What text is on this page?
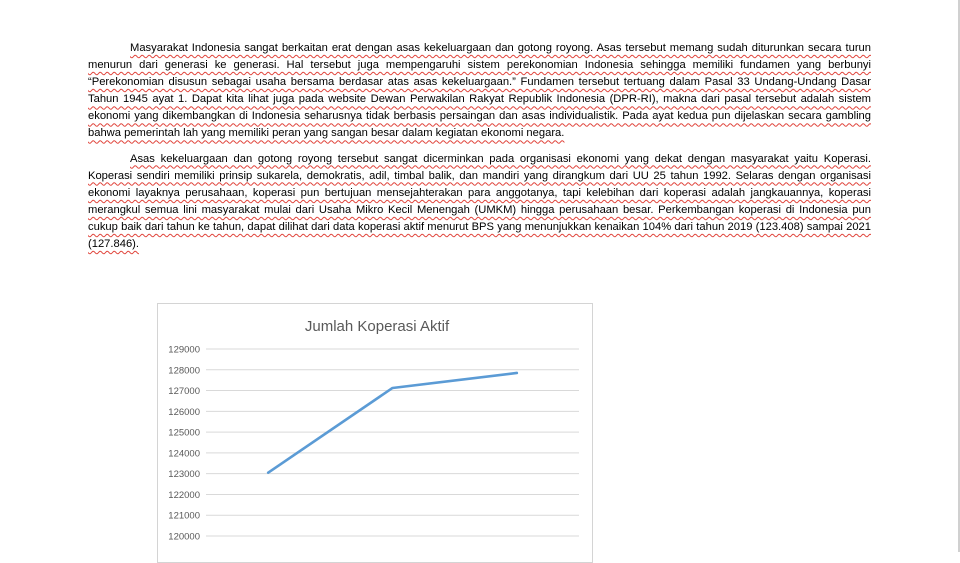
Masyarakat Indonesia sangat berkaitan erat dengan asas kekeluargaan dan gotong royong. Asas tersebut memang sudah diturunkan secara turun menurun dari generasi ke generasi. Hal tersebut juga mempengaruhi sistem perekonomian Indonesia sehingga memiliki fundamen yang berbunyi “Perekonomian disusun sebagai usaha bersama berdasar atas asas kekeluargaan.” Fundamen tersebut tertuang dalam Pasal 33 Undang-Undang Dasar Tahun 1945 ayat 1. Dapat kita lihat juga pada website Dewan Perwakilan Rakyat Republik Indonesia (DPR-RI), makna dari pasal tersebut adalah sistem ekonomi yang dikembangkan di Indonesia seharusnya tidak berbasis persaingan dan asas individualistik. Pada ayat kedua pun dijelaskan secara gambling bahwa pemerintah lah yang memiliki peran yang sangan besar dalam kegiatan ekonomi negara.

Asas kekeluargaan dan gotong royong tersebut sangat dicerminkan pada organisasi ekonomi yang dekat dengan masyarakat yaitu Koperasi. Koperasi sendiri memiliki prinsip sukarela, demokratis, adil, timbal balik, dan mandiri yang dirangkum dari UU 25 tahun 1992. Selaras dengan organisasi ekonomi layaknya perusahaan, koperasi pun bertujuan mensejahterakan para anggotanya, tapi kelebihan dari koperasi adalah jangkauannya, koperasi merangkul semua lini masyarakat mulai dari Usaha Mikro Kecil Menengah (UMKM) hingga perusahaan besar. Perkembangan koperasi di Indonesia pun cukup baik dari tahun ke tahun, dapat dilihat dari data koperasi aktif menurut BPS yang menunjukkan kenaikan 104% dari tahun 2019 (123.408) sampai 2021 (127.846).

Jumlah Koperasi Aktif
129000
128000
127000
126000
125000
124000
123000
122000
121000
120000
